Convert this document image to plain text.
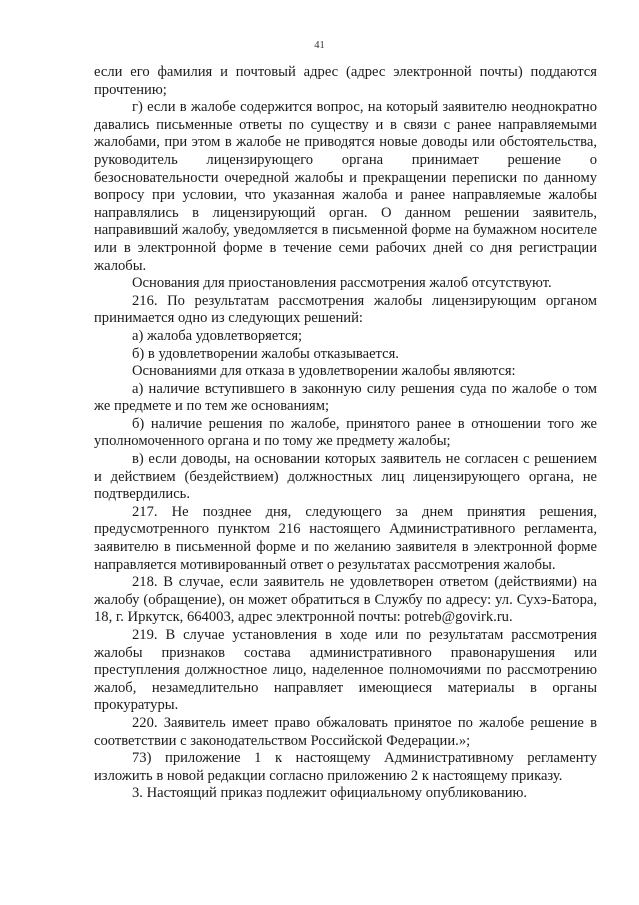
41

если его фамилия и почтовый адрес (адрес электронной почты) поддаются прочтению;

г) если в жалобе содержится вопрос, на который заявителю неоднократно давались письменные ответы по существу и в связи с ранее направляемыми жалобами, при этом в жалобе не приводятся новые доводы или обстоятельства, руководитель лицензирующего органа принимает решение о безосновательности очередной жалобы и прекращении переписки по данному вопросу при условии, что указанная жалоба и ранее направляемые жалобы направлялись в лицензирующий орган. О данном решении заявитель, направивший жалобу, уведомляется в письменной форме на бумажном носителе или в электронной форме в течение семи рабочих дней со дня регистрации жалобы.

Основания для приостановления рассмотрения жалоб отсутствуют.

216. По результатам рассмотрения жалобы лицензирующим органом принимается одно из следующих решений:

а) жалоба удовлетворяется;

б) в удовлетворении жалобы отказывается.

Основаниями для отказа в удовлетворении жалобы являются:

а) наличие вступившего в законную силу решения суда по жалобе о том же предмете и по тем же основаниям;

б) наличие решения по жалобе, принятого ранее в отношении того же уполномоченного органа и по тому же предмету жалобы;

в) если доводы, на основании которых заявитель не согласен с решением и действием (бездействием) должностных лиц лицензирующего органа, не подтвердились.

217. Не позднее дня, следующего за днем принятия решения, предусмотренного пунктом 216 настоящего Административного регламента, заявителю в письменной форме и по желанию заявителя в электронной форме направляется мотивированный ответ о результатах рассмотрения жалобы.

218. В случае, если заявитель не удовлетворен ответом (действиями) на жалобу (обращение), он может обратиться в Службу по адресу: ул. Сухэ-Батора, 18, г. Иркутск, 664003, адрес электронной почты: potreb@govirk.ru.

219. В случае установления в ходе или по результатам рассмотрения жалобы признаков состава административного правонарушения или преступления должностное лицо, наделенное полномочиями по рассмотрению жалоб, незамедлительно направляет имеющиеся материалы в органы прокуратуры.

220. Заявитель имеет право обжаловать принятое по жалобе решение в соответствии с законодательством Российской Федерации.»;

73) приложение 1 к настоящему Административному регламенту изложить в новой редакции согласно приложению 2 к настоящему приказу.

3. Настоящий приказ подлежит официальному опубликованию.
